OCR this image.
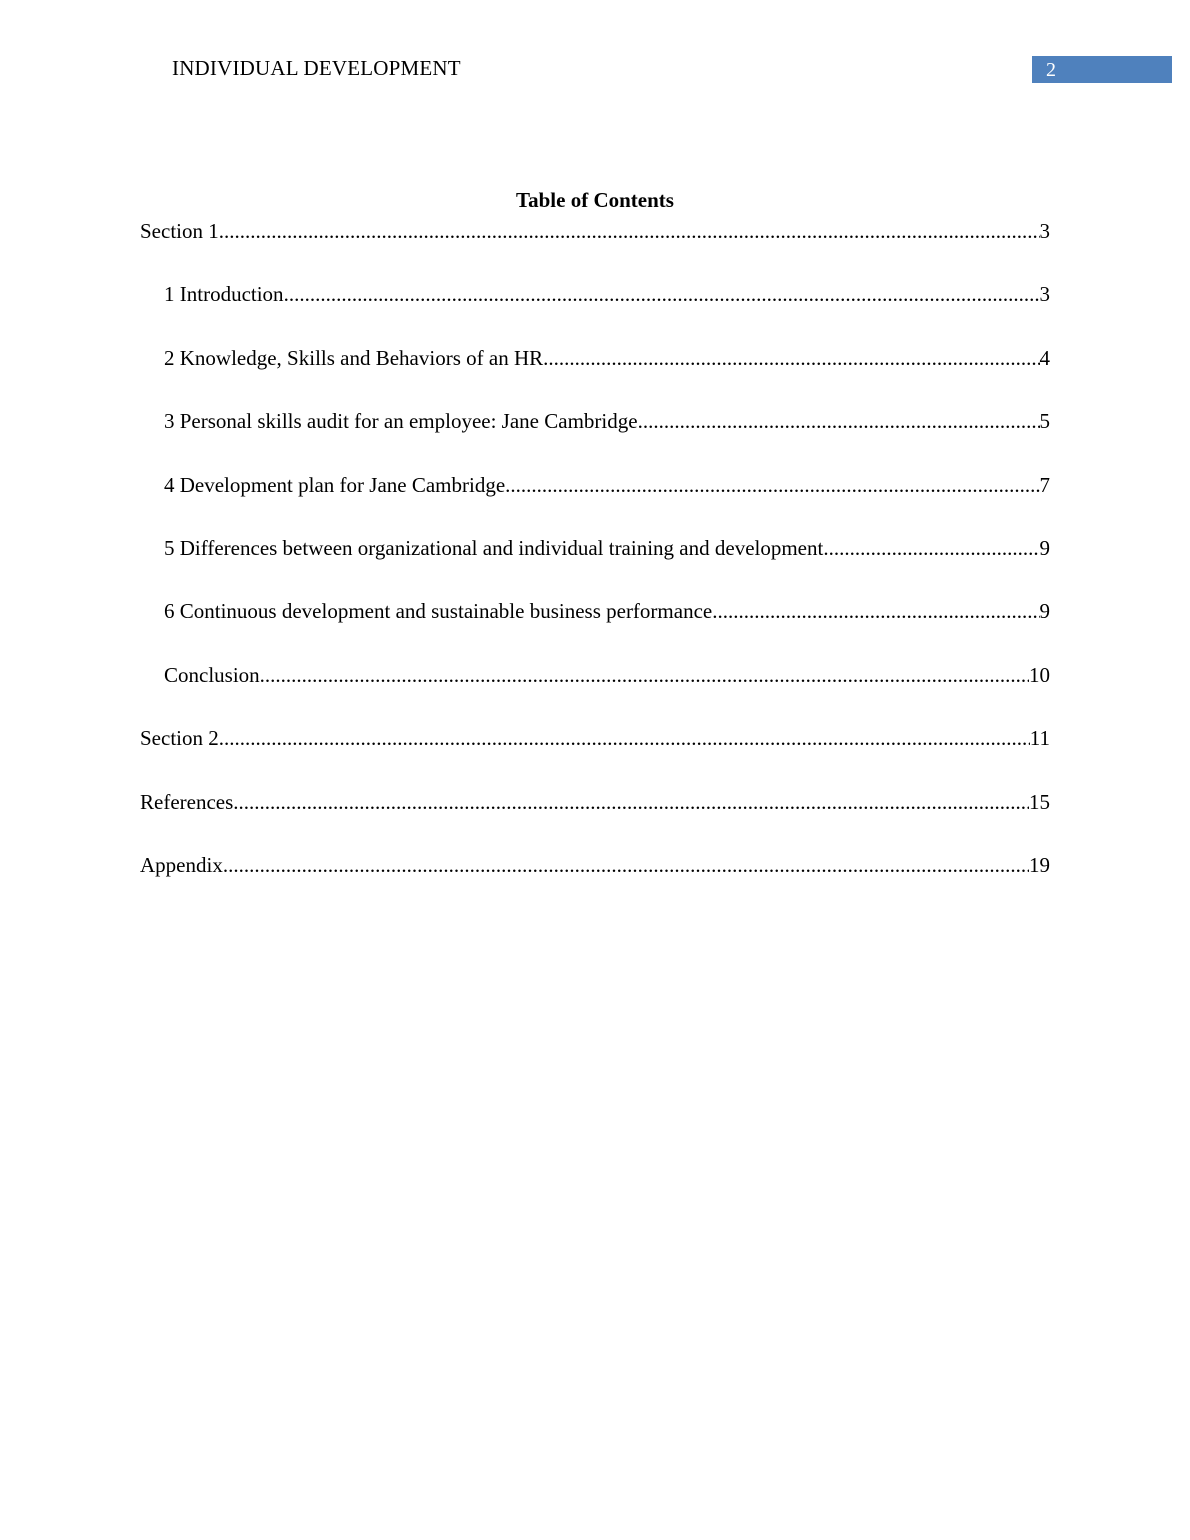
INDIVIDUAL DEVELOPMENT	2
Table of Contents
Section 1 .....	3
1 Introduction .....	3
2 Knowledge, Skills and Behaviors of an HR .....	4
3 Personal skills audit for an employee: Jane Cambridge .....	5
4 Development plan for Jane Cambridge .....	7
5 Differences between organizational and individual training and development .....	9
6 Continuous development and sustainable business performance .....	9
Conclusion .....	10
Section 2 .....	11
References .....	15
Appendix .....	19
